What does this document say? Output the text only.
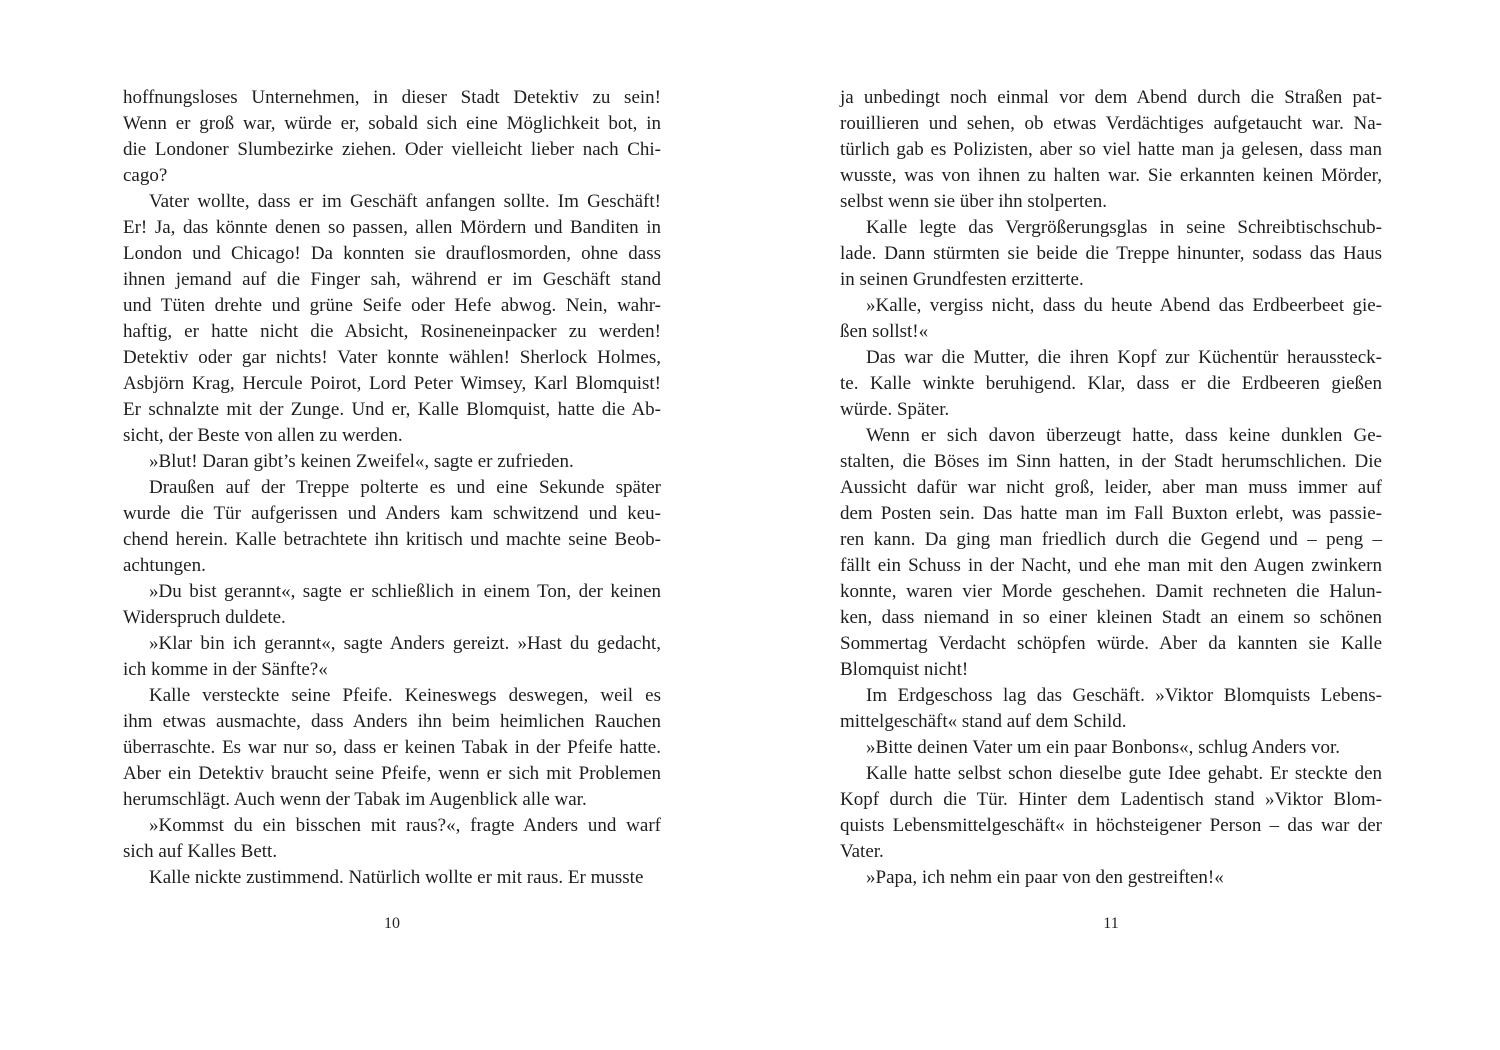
hoffnungsloses Unternehmen, in dieser Stadt Detektiv zu sein!
Wenn er groß war, würde er, sobald sich eine Möglichkeit bot, in
die Londoner Slumbezirke ziehen. Oder vielleicht lieber nach Chi-
cago?
Vater wollte, dass er im Geschäft anfangen sollte. Im Geschäft!
Er! Ja, das könnte denen so passen, allen Mördern und Banditen in
London und Chicago! Da konnten sie drauflosmorden, ohne dass
ihnen jemand auf die Finger sah, während er im Geschäft stand
und Tüten drehte und grüne Seife oder Hefe abwog. Nein, wahr-
haftig, er hatte nicht die Absicht, Rosineneinpacker zu werden!
Detektiv oder gar nichts! Vater konnte wählen! Sherlock Holmes,
Asbjörn Krag, Hercule Poirot, Lord Peter Wimsey, Karl Blomquist!
Er schnalzte mit der Zunge. Und er, Kalle Blomquist, hatte die Ab-
sicht, der Beste von allen zu werden.
»Blut! Daran gibt’s keinen Zweifel«, sagte er zufrieden.
Draußen auf der Treppe polterte es und eine Sekunde später
wurde die Tür aufgerissen und Anders kam schwitzend und keu-
chend herein. Kalle betrachtete ihn kritisch und machte seine Beob-
achtungen.
»Du bist gerannt«, sagte er schließlich in einem Ton, der keinen
Widerspruch duldete.
»Klar bin ich gerannt«, sagte Anders gereizt. »Hast du gedacht,
ich komme in der Sänfte?«
Kalle versteckte seine Pfeife. Keineswegs deswegen, weil es
ihm etwas ausmachte, dass Anders ihn beim heimlichen Rauchen
überraschte. Es war nur so, dass er keinen Tabak in der Pfeife hatte.
Aber ein Detektiv braucht seine Pfeife, wenn er sich mit Problemen
herumschlägt. Auch wenn der Tabak im Augenblick alle war.
»Kommst du ein bisschen mit raus?«, fragte Anders und warf
sich auf Kalles Bett.
Kalle nickte zustimmend. Natürlich wollte er mit raus. Er musste
10
ja unbedingt noch einmal vor dem Abend durch die Straßen pat-
rouillieren und sehen, ob etwas Verdächtiges aufgetaucht war. Na-
türlich gab es Polizisten, aber so viel hatte man ja gelesen, dass man
wusste, was von ihnen zu halten war. Sie erkannten keinen Mörder,
selbst wenn sie über ihn stolperten.
Kalle legte das Vergrößerungsglas in seine Schreibtischschub-
lade. Dann stürmten sie beide die Treppe hinunter, sodass das Haus
in seinen Grundfesten erzitterte.
»Kalle, vergiss nicht, dass du heute Abend das Erdbeerbeet gie-
ßen sollst!«
Das war die Mutter, die ihren Kopf zur Küchentür heraussteck-
te. Kalle winkte beruhigend. Klar, dass er die Erdbeeren gießen
würde. Später.
Wenn er sich davon überzeugt hatte, dass keine dunklen Ge-
stalten, die Böses im Sinn hatten, in der Stadt herumschlichen. Die
Aussicht dafür war nicht groß, leider, aber man muss immer auf
dem Posten sein. Das hatte man im Fall Buxton erlebt, was passie-
ren kann. Da ging man friedlich durch die Gegend und – peng –
fällt ein Schuss in der Nacht, und ehe man mit den Augen zwinkern
konnte, waren vier Morde geschehen. Damit rechneten die Halun-
ken, dass niemand in so einer kleinen Stadt an einem so schönen
Sommertag Verdacht schöpfen würde. Aber da kannten sie Kalle
Blomquist nicht!
Im Erdgeschoss lag das Geschäft. »Viktor Blomquists Lebens-
mittelgeschäft« stand auf dem Schild.
»Bitte deinen Vater um ein paar Bonbons«, schlug Anders vor.
Kalle hatte selbst schon dieselbe gute Idee gehabt. Er steckte den
Kopf durch die Tür. Hinter dem Ladentisch stand »Viktor Blom-
quists Lebensmittelgeschäft« in höchsteigener Person – das war der
Vater.
»Papa, ich nehm ein paar von den gestreiften!«
11
